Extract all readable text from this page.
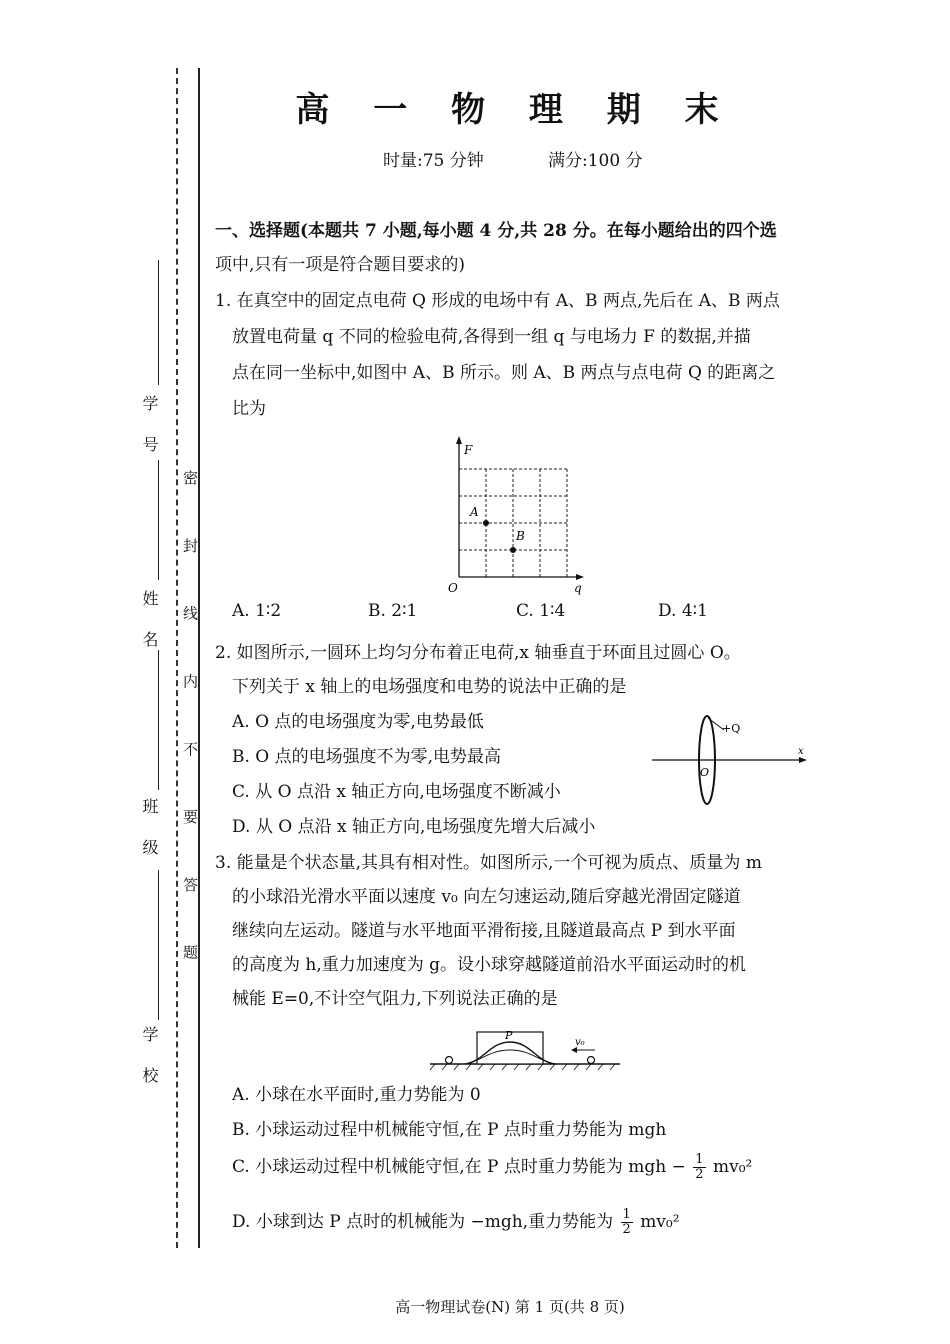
学 号
姓 名
班 级
学 校
密 封 线 内 不 要 答 题
高 一 物 理 期 末
时量:75 分钟	满分:100 分
一、选择题(本题共 7 小题,每小题 4 分,共 28 分。在每小题给出的四个选
项中,只有一项是符合题目要求的)
1. 在真空中的固定点电荷 Q 形成的电场中有 A、B 两点,先后在 A、B 两点
放置电荷量 q 不同的检验电荷,各得到一组 q 与电场力 F 的数据,并描
点在同一坐标中,如图中 A、B 所示。则 A、B 两点与点电荷 Q 的距离之
比为
F
q
O
A
B
A. 1∶2	B. 2∶1	C. 1∶4	D. 4∶1
2. 如图所示,一圆环上均匀分布着正电荷,x 轴垂直于环面且过圆心 O。
下列关于 x 轴上的电场强度和电势的说法中正确的是
A. O 点的电场强度为零,电势最低
B. O 点的电场强度不为零,电势最高
C. 从 O 点沿 x 轴正方向,电场强度不断减小
D. 从 O 点沿 x 轴正方向,电场强度先增大后减小
+Q
O
x
3. 能量是个状态量,其具有相对性。如图所示,一个可视为质点、质量为 m
的小球沿光滑水平面以速度 v₀ 向左匀速运动,随后穿越光滑固定隧道
继续向左运动。隧道与水平地面平滑衔接,且隧道最高点 P 到水平面
的高度为 h,重力加速度为 g。设小球穿越隧道前沿水平面运动时的机
械能 E=0,不计空气阻力,下列说法正确的是
P
v₀
A. 小球在水平面时,重力势能为 0
B. 小球运动过程中机械能守恒,在 P 点时重力势能为 mgh
C. 小球运动过程中机械能守恒,在 P 点时重力势能为 mgh − $\frac{1}{2} mv_0^2$
D. 小球到达 P 点时的机械能为 −mgh,重力势能为 $\frac{1}{2} mv_0^2$
高一物理试卷(N) 第 1 页(共 8 页)
